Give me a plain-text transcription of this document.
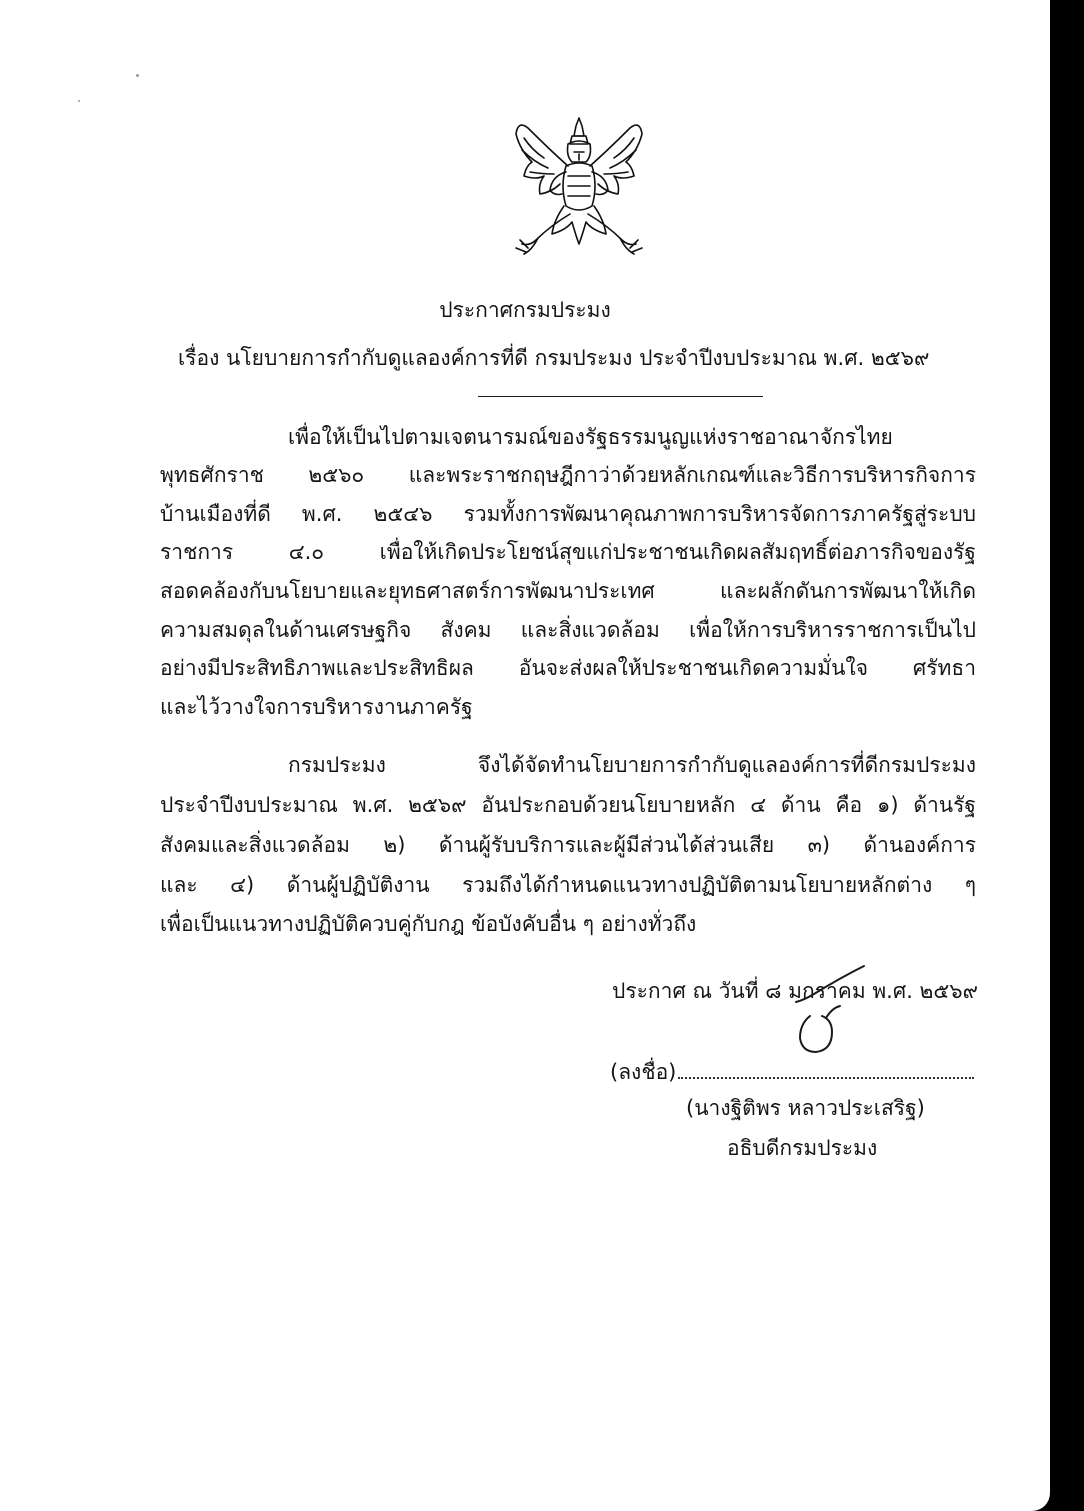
ประกาศกรมประมง

เรื่อง นโยบายการกำกับดูแลองค์การที่ดี กรมประมง ประจำปีงบประมาณ พ.ศ. ๒๕๖๙

เพื่อให้เป็นไปตามเจตนารมณ์ของรัฐธรรมนูญแห่งราชอาณาจักรไทย

พุทธศักราช ๒๕๖๐ และพระราชกฤษฎีกาว่าด้วยหลักเกณฑ์และวิธีการบริหารกิจการ

บ้านเมืองที่ดี พ.ศ. ๒๕๔๖ รวมทั้งการพัฒนาคุณภาพการบริหารจัดการภาครัฐสู่ระบบ

ราชการ ๔.๐ เพื่อให้เกิดประโยชน์สุขแก่ประชาชนเกิดผลสัมฤทธิ์ต่อภารกิจของรัฐ

สอดคล้องกับนโยบายและยุทธศาสตร์การพัฒนาประเทศ และผลักดันการพัฒนาให้เกิด

ความสมดุลในด้านเศรษฐกิจ สังคม และสิ่งแวดล้อม เพื่อให้การบริหารราชการเป็นไป

อย่างมีประสิทธิภาพและประสิทธิผล อันจะส่งผลให้ประชาชนเกิดความมั่นใจ ศรัทธา

และไว้วางใจการบริหารงานภาครัฐ

กรมประมง จึงได้จัดทำนโยบายการกำกับดูแลองค์การที่ดีกรมประมง

ประจำปีงบประมาณ พ.ศ. ๒๕๖๙ อันประกอบด้วยนโยบายหลัก ๔ ด้าน คือ ๑) ด้านรัฐ

สังคมและสิ่งแวดล้อม ๒) ด้านผู้รับบริการและผู้มีส่วนได้ส่วนเสีย ๓) ด้านองค์การ

และ ๔) ด้านผู้ปฏิบัติงาน รวมถึงได้กำหนดแนวทางปฏิบัติตามนโยบายหลักต่าง ๆ

เพื่อเป็นแนวทางปฏิบัติควบคู่กับกฎ ข้อบังคับอื่น ๆ อย่างทั่วถึง

ประกาศ ณ วันที่ ๘ มกราคม พ.ศ. ๒๕๖๙

(ลงชื่อ)

(นางฐิติพร หลาวประเสริฐ)

อธิบดีกรมประมง
